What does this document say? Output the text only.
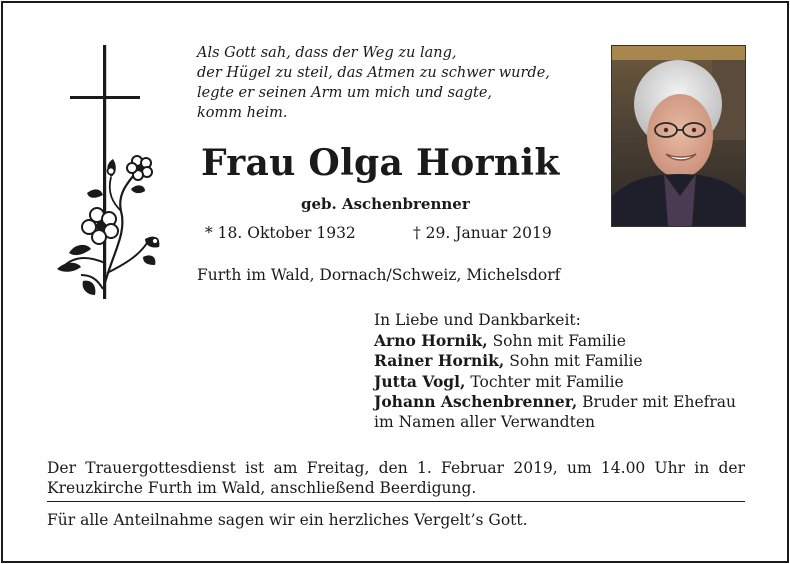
Als Gott sah, dass der Weg zu lang,
der Hügel zu steil, das Atmen zu schwer wurde,
legte er seinen Arm um mich und sagte,
komm heim.
Frau Olga Hornik
geb. Aschenbrenner
* 18. Oktober 1932	† 29. Januar 2019
Furth im Wald, Dornach/Schweiz, Michelsdorf
In Liebe und Dankbarkeit:
Arno Hornik, Sohn mit Familie
Rainer Hornik, Sohn mit Familie
Jutta Vogl, Tochter mit Familie
Johann Aschenbrenner, Bruder mit Ehefrau
im Namen aller Verwandten
Der Trauergottesdienst ist am Freitag, den 1. Februar 2019, um 14.00 Uhr in der Kreuzkirche Furth im Wald, anschließend Beerdigung.
Für alle Anteilnahme sagen wir ein herzliches Vergelt’s Gott.
